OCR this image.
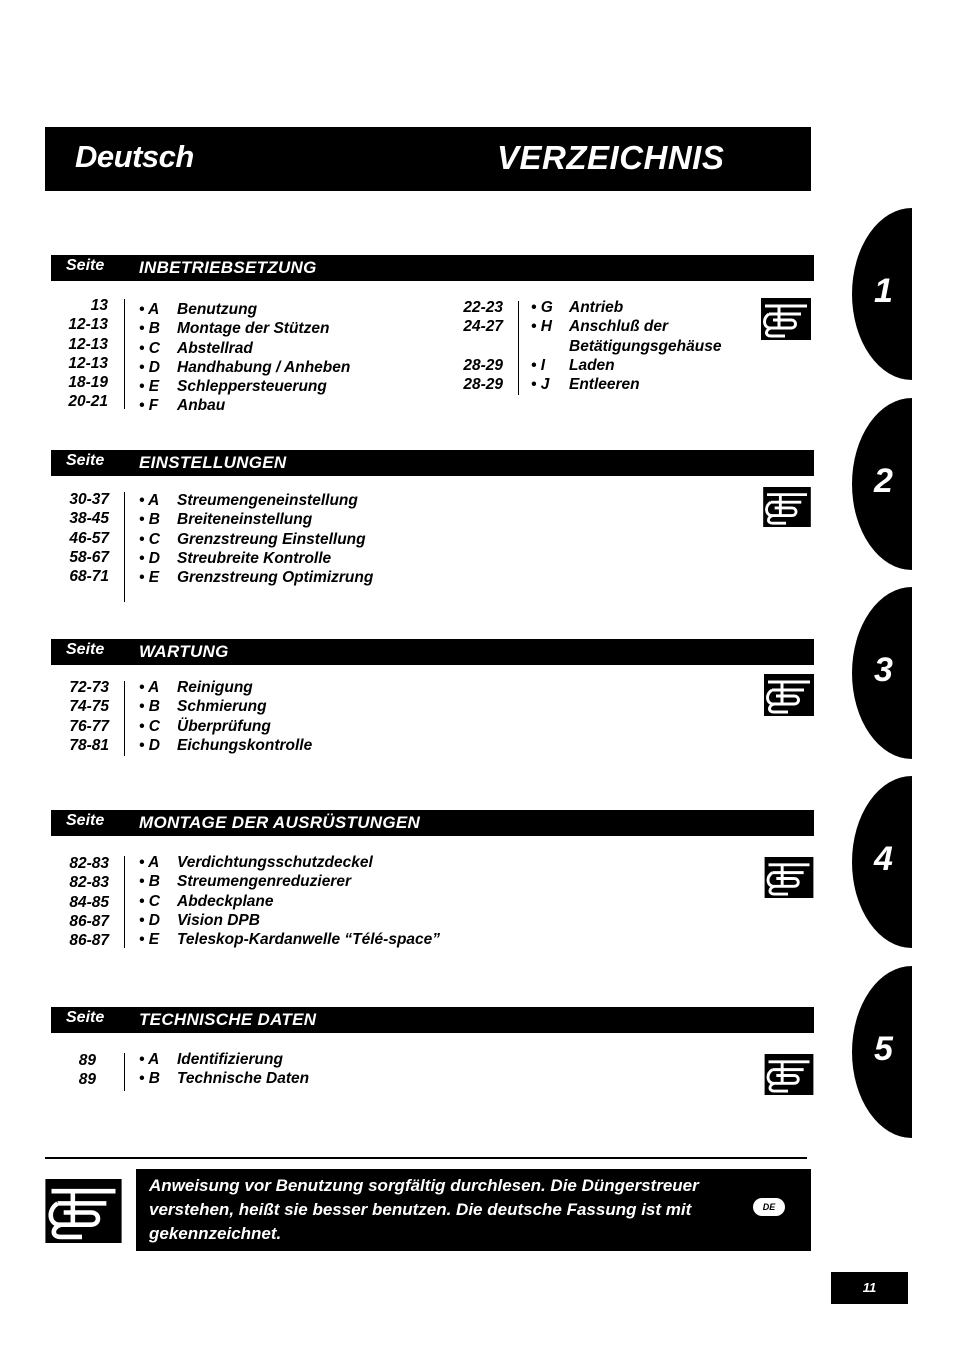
Deutsch	VERZEICHNIS
Seite INBETRIEBSETZUNG
13
12-13
12-13
12-13
18-19
20-21
• A Benutzung
• B Montage der Stützen
• C Abstellrad
• D Handhabung / Anheben
• E Schleppersteuerung
• F Anbau
22-23
24-27
28-29
28-29
• G Antrieb
• H Anschluß der
Betätigungsgehäuse
• I Laden
• J Entleeren
Seite EINSTELLUNGEN
30-37
38-45
46-57
58-67
68-71
• A Streumengeneinstellung
• B Breiteneinstellung
• C Grenzstreung Einstellung
• D Streubreite Kontrolle
• E Grenzstreung Optimizrung
Seite WARTUNG
72-73
74-75
76-77
78-81
• A Reinigung
• B Schmierung
• C Überprüfung
• D Eichungskontrolle
Seite MONTAGE DER AUSRÜSTUNGEN
82-83
82-83
84-85
86-87
86-87
• A Verdichtungsschutzdeckel
• B Streumengenreduzierer
• C Abdeckplane
• D Vision DPB
• E Teleskop-Kardanwelle “Télé-space”
Seite TECHNISCHE DATEN
89
89
• A Identifizierung
• B Technische Daten
1
2
3
4
5
Anweisung vor Benutzung sorgfältig durchlesen. Die Düngerstreuer verstehen, heißt sie besser benutzen. Die deutsche Fassung ist mit gekennzeichnet.
DE
11
